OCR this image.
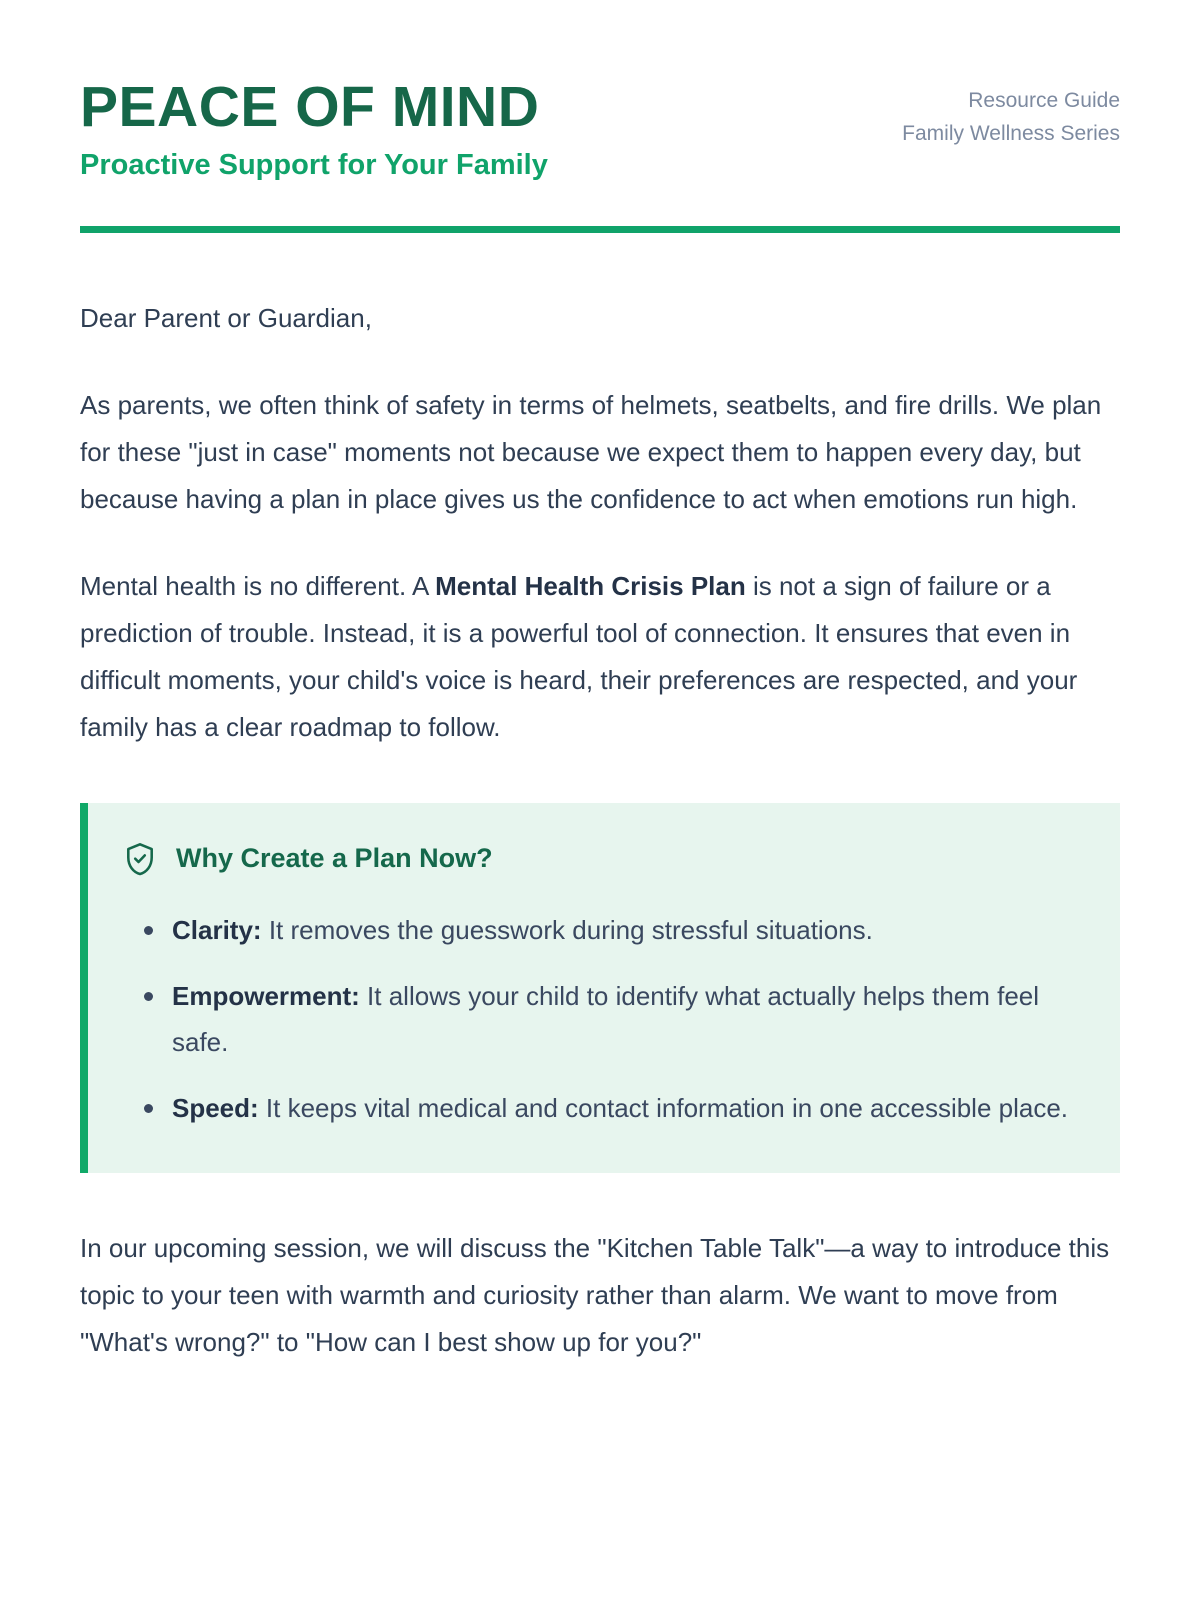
PEACE OF MIND
Proactive Support for Your Family
Resource Guide
Family Wellness Series

Dear Parent or Guardian,

As parents, we often think of safety in terms of helmets, seatbelts, and fire drills. We plan for these "just in case" moments not because we expect them to happen every day, but because having a plan in place gives us the confidence to act when emotions run high.

Mental health is no different. A Mental Health Crisis Plan is not a sign of failure or a prediction of trouble. Instead, it is a powerful tool of connection. It ensures that even in difficult moments, your child's voice is heard, their preferences are respected, and your family has a clear roadmap to follow.

Why Create a Plan Now?
Clarity: It removes the guesswork during stressful situations.
Empowerment: It allows your child to identify what actually helps them feel safe.
Speed: It keeps vital medical and contact information in one accessible place.

In our upcoming session, we will discuss the "Kitchen Table Talk"—a way to introduce this topic to your teen with warmth and curiosity rather than alarm. We want to move from "What's wrong?" to "How can I best show up for you?"
